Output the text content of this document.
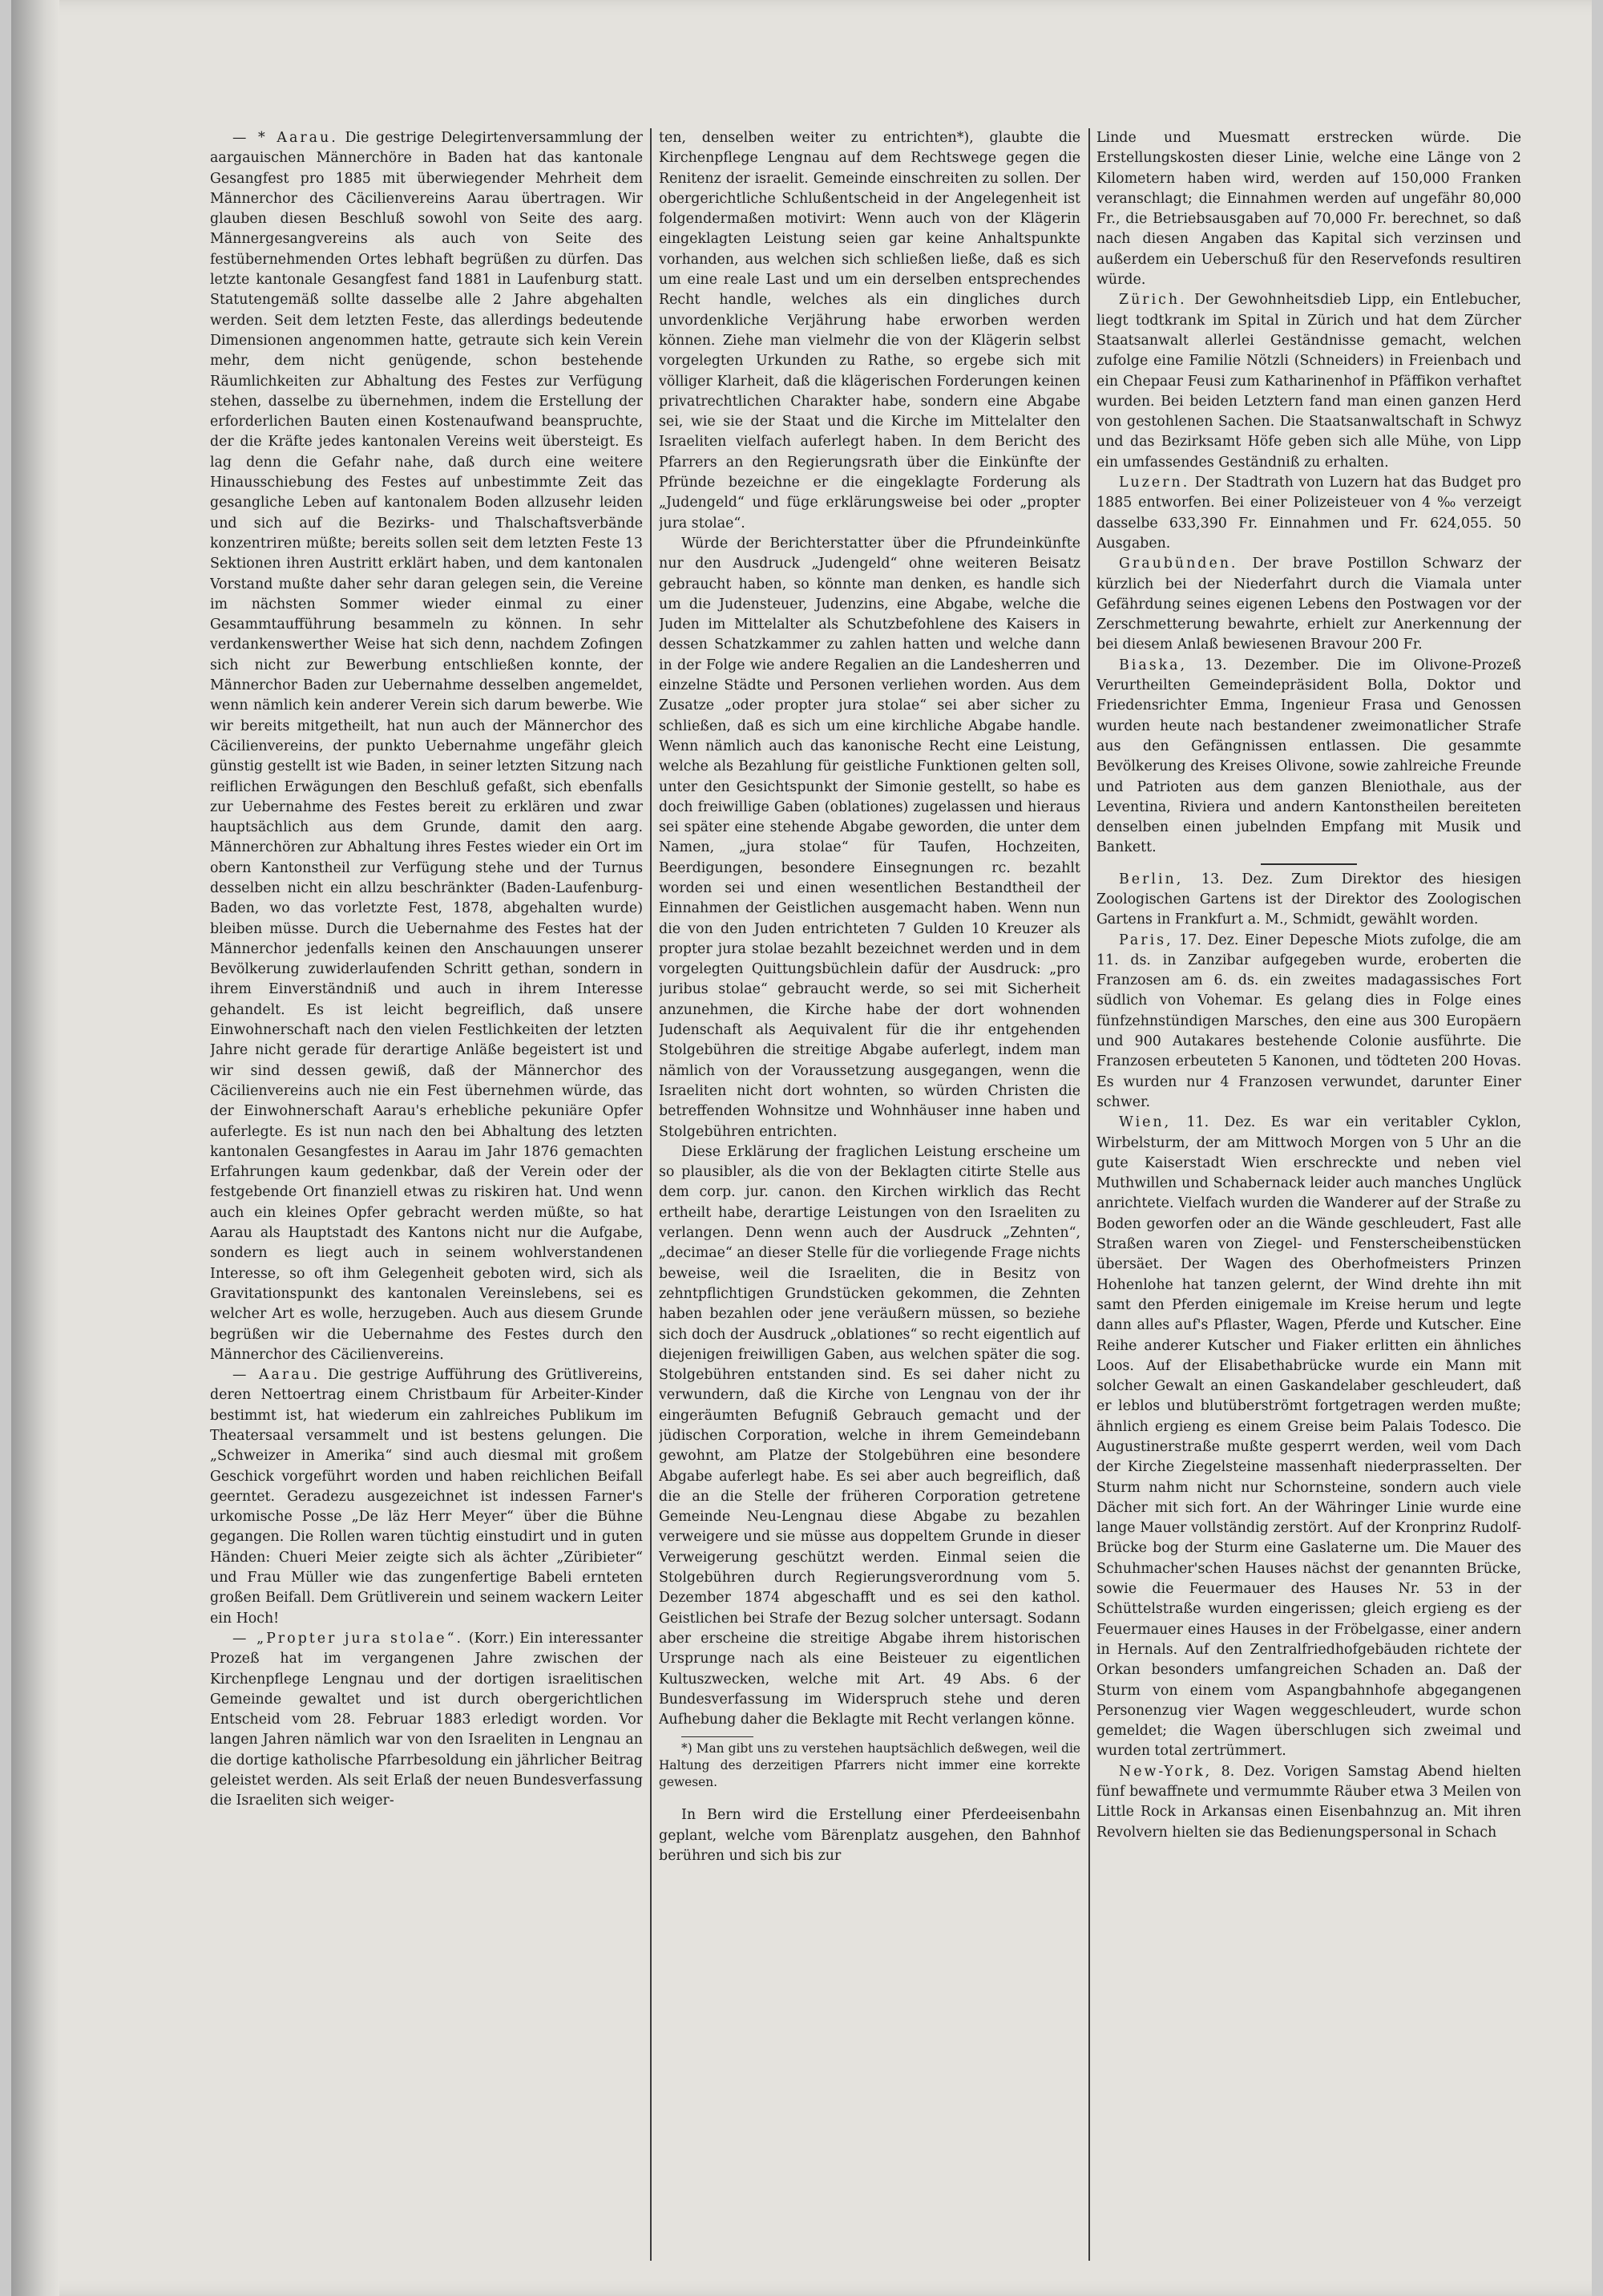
— * Aarau. Die gestrige Delegirtenversammlung der aargauischen Männerchöre in Baden hat das kantonale Gesangfest pro 1885 mit überwiegender Mehrheit dem Männerchor des Cäcilienvereins Aarau übertragen. Wir glauben diesen Beschluß sowohl von Seite des aarg. Männergesangvereins als auch von Seite des festübernehmenden Ortes lebhaft begrüßen zu dürfen. Das letzte kantonale Gesangfest fand 1881 in Laufenburg statt. Statutengemäß sollte dasselbe alle 2 Jahre abgehalten werden. Seit dem letzten Feste, das allerdings bedeutende Dimensionen angenommen hatte, getraute sich kein Verein mehr, dem nicht genügende, schon bestehende Räumlichkeiten zur Abhaltung des Festes zur Verfügung stehen, dasselbe zu übernehmen, indem die Erstellung der erforderlichen Bauten einen Kostenaufwand beanspruchte, der die Kräfte jedes kantonalen Vereins weit übersteigt. Es lag denn die Gefahr nahe, daß durch eine weitere Hinausschiebung des Festes auf unbestimmte Zeit das gesangliche Leben auf kantonalem Boden allzusehr leiden und sich auf die Bezirks- und Thalschaftsverbände konzentriren müßte; bereits sollen seit dem letzten Feste 13 Sektionen ihren Austritt erklärt haben, und dem kantonalen Vorstand mußte daher sehr daran gelegen sein, die Vereine im nächsten Sommer wieder einmal zu einer Gesammtaufführung besammeln zu können. In sehr verdankenswerther Weise hat sich denn, nachdem Zofingen sich nicht zur Bewerbung entschließen konnte, der Männerchor Baden zur Uebernahme desselben angemeldet, wenn nämlich kein anderer Verein sich darum bewerbe. Wie wir bereits mitgetheilt, hat nun auch der Männerchor des Cäcilienvereins, der punkto Uebernahme ungefähr gleich günstig gestellt ist wie Baden, in seiner letzten Sitzung nach reiflichen Erwägungen den Beschluß gefaßt, sich ebenfalls zur Uebernahme des Festes bereit zu erklären und zwar hauptsächlich aus dem Grunde, damit den aarg. Männerchören zur Abhaltung ihres Festes wieder ein Ort im obern Kantonstheil zur Verfügung stehe und der Turnus desselben nicht ein allzu beschränkter (Baden-Laufenburg-Baden, wo das vorletzte Fest, 1878, abgehalten wurde) bleiben müsse. Durch die Uebernahme des Festes hat der Männerchor jedenfalls keinen den Anschauungen unserer Bevölkerung zuwiderlaufenden Schritt gethan, sondern in ihrem Einverständniß und auch in ihrem Interesse gehandelt. Es ist leicht begreiflich, daß unsere Einwohnerschaft nach den vielen Festlichkeiten der letzten Jahre nicht gerade für derartige Anläße begeistert ist und wir sind dessen gewiß, daß der Männerchor des Cäcilienvereins auch nie ein Fest übernehmen würde, das der Einwohnerschaft Aarau's erhebliche pekuniäre Opfer auferlegte. Es ist nun nach den bei Abhaltung des letzten kantonalen Gesangfestes in Aarau im Jahr 1876 gemachten Erfahrungen kaum gedenkbar, daß der Verein oder der festgebende Ort finanziell etwas zu riskiren hat. Und wenn auch ein kleines Opfer gebracht werden müßte, so hat Aarau als Hauptstadt des Kantons nicht nur die Aufgabe, sondern es liegt auch in seinem wohlverstandenen Interesse, so oft ihm Gelegenheit geboten wird, sich als Gravitationspunkt des kantonalen Vereinslebens, sei es welcher Art es wolle, herzugeben. Auch aus diesem Grunde begrüßen wir die Uebernahme des Festes durch den Männerchor des Cäcilienvereins.

— Aarau. Die gestrige Aufführung des Grütlivereins, deren Nettoertrag einem Christbaum für Arbeiter-Kinder bestimmt ist, hat wiederum ein zahlreiches Publikum im Theatersaal versammelt und ist bestens gelungen. Die „Schweizer in Amerika“ sind auch diesmal mit großem Geschick vorgeführt worden und haben reichlichen Beifall geerntet. Geradezu ausgezeichnet ist indessen Farner's urkomische Posse „De läz Herr Meyer“ über die Bühne gegangen. Die Rollen waren tüchtig einstudirt und in guten Händen: Chueri Meier zeigte sich als ächter „Züribieter“ und Frau Müller wie das zungenfertige Babeli ernteten großen Beifall. Dem Grütliverein und seinem wackern Leiter ein Hoch!

— „Propter jura stolae“. (Korr.) Ein interessanter Prozeß hat im vergangenen Jahre zwischen der Kirchenpflege Lengnau und der dortigen israelitischen Gemeinde gewaltet und ist durch obergerichtlichen Entscheid vom 28. Februar 1883 erledigt worden. Vor langen Jahren nämlich war von den Israeliten in Lengnau an die dortige katholische Pfarrbesoldung ein jährlicher Beitrag geleistet werden. Als seit Erlaß der neuen Bundesverfassung die Israeliten sich weiger-

ten, denselben weiter zu entrichten*), glaubte die Kirchenpflege Lengnau auf dem Rechtswege gegen die Renitenz der israelit. Gemeinde einschreiten zu sollen. Der obergerichtliche Schlußentscheid in der Angelegenheit ist folgendermaßen motivirt: Wenn auch von der Klägerin eingeklagten Leistung seien gar keine Anhaltspunkte vorhanden, aus welchen sich schließen ließe, daß es sich um eine reale Last und um ein derselben entsprechendes Recht handle, welches als ein dingliches durch unvordenkliche Verjährung habe erworben werden können. Ziehe man vielmehr die von der Klägerin selbst vorgelegten Urkunden zu Rathe, so ergebe sich mit völliger Klarheit, daß die klägerischen Forderungen keinen privatrechtlichen Charakter habe, sondern eine Abgabe sei, wie sie der Staat und die Kirche im Mittelalter den Israeliten vielfach auferlegt haben. In dem Bericht des Pfarrers an den Regierungsrath über die Einkünfte der Pfründe bezeichne er die eingeklagte Forderung als „Judengeld“ und füge erklärungsweise bei oder „propter jura stolae“.

Würde der Berichterstatter über die Pfrundeinkünfte nur den Ausdruck „Judengeld“ ohne weiteren Beisatz gebraucht haben, so könnte man denken, es handle sich um die Judensteuer, Judenzins, eine Abgabe, welche die Juden im Mittelalter als Schutzbefohlene des Kaisers in dessen Schatzkammer zu zahlen hatten und welche dann in der Folge wie andere Regalien an die Landesherren und einzelne Städte und Personen verliehen worden. Aus dem Zusatze „oder propter jura stolae“ sei aber sicher zu schließen, daß es sich um eine kirchliche Abgabe handle. Wenn nämlich auch das kanonische Recht eine Leistung, welche als Bezahlung für geistliche Funktionen gelten soll, unter den Gesichtspunkt der Simonie gestellt, so habe es doch freiwillige Gaben (oblationes) zugelassen und hieraus sei später eine stehende Abgabe geworden, die unter dem Namen, „jura stolae“ für Taufen, Hochzeiten, Beerdigungen, besondere Einsegnungen rc. bezahlt worden sei und einen wesentlichen Bestandtheil der Einnahmen der Geistlichen ausgemacht haben. Wenn nun die von den Juden entrichteten 7 Gulden 10 Kreuzer als propter jura stolae bezahlt bezeichnet werden und in dem vorgelegten Quittungsbüchlein dafür der Ausdruck: „pro juribus stolae“ gebraucht werde, so sei mit Sicherheit anzunehmen, die Kirche habe der dort wohnenden Judenschaft als Aequivalent für die ihr entgehenden Stolgebühren die streitige Abgabe auferlegt, indem man nämlich von der Voraussetzung ausgegangen, wenn die Israeliten nicht dort wohnten, so würden Christen die betreffenden Wohnsitze und Wohnhäuser inne haben und Stolgebühren entrichten.

Diese Erklärung der fraglichen Leistung erscheine um so plausibler, als die von der Beklagten citirte Stelle aus dem corp. jur. canon. den Kirchen wirklich das Recht ertheilt habe, derartige Leistungen von den Israeliten zu verlangen. Denn wenn auch der Ausdruck „Zehnten“, „decimae“ an dieser Stelle für die vorliegende Frage nichts beweise, weil die Israeliten, die in Besitz von zehntpflichtigen Grundstücken gekommen, die Zehnten haben bezahlen oder jene veräußern müssen, so beziehe sich doch der Ausdruck „oblationes“ so recht eigentlich auf diejenigen freiwilligen Gaben, aus welchen später die sog. Stolgebühren entstanden sind. Es sei daher nicht zu verwundern, daß die Kirche von Lengnau von der ihr eingeräumten Befugniß Gebrauch gemacht und der jüdischen Corporation, welche in ihrem Gemeindebann gewohnt, am Platze der Stolgebühren eine besondere Abgabe auferlegt habe. Es sei aber auch begreiflich, daß die an die Stelle der früheren Corporation getretene Gemeinde Neu-Lengnau diese Abgabe zu bezahlen verweigere und sie müsse aus doppeltem Grunde in dieser Verweigerung geschützt werden. Einmal seien die Stolgebühren durch Regierungsverordnung vom 5. Dezember 1874 abgeschafft und es sei den kathol. Geistlichen bei Strafe der Bezug solcher untersagt. Sodann aber erscheine die streitige Abgabe ihrem historischen Ursprunge nach als eine Beisteuer zu eigentlichen Kultuszwecken, welche mit Art. 49 Abs. 6 der Bundesverfassung im Widerspruch stehe und deren Aufhebung daher die Beklagte mit Recht verlangen könne.

*) Man gibt uns zu verstehen hauptsächlich deßwegen, weil die Haltung des derzeitigen Pfarrers nicht immer eine korrekte gewesen.

In Bern wird die Erstellung einer Pferdeeisenbahn geplant, welche vom Bärenplatz ausgehen, den Bahnhof berühren und sich bis zur

Linde und Muesmatt erstrecken würde. Die Erstellungskosten dieser Linie, welche eine Länge von 2 Kilometern haben wird, werden auf 150,000 Franken veranschlagt; die Einnahmen werden auf ungefähr 80,000 Fr., die Betriebsausgaben auf 70,000 Fr. berechnet, so daß nach diesen Angaben das Kapital sich verzinsen und außerdem ein Ueberschuß für den Reservefonds resultiren würde.

Zürich. Der Gewohnheitsdieb Lipp, ein Entlebucher, liegt todtkrank im Spital in Zürich und hat dem Zürcher Staatsanwalt allerlei Geständnisse gemacht, welchen zufolge eine Familie Nötzli (Schneiders) in Freienbach und ein Chepaar Feusi zum Katharinenhof in Pfäffikon verhaftet wurden. Bei beiden Letztern fand man einen ganzen Herd von gestohlenen Sachen. Die Staatsanwaltschaft in Schwyz und das Bezirksamt Höfe geben sich alle Mühe, von Lipp ein umfassendes Geständniß zu erhalten.

Luzern. Der Stadtrath von Luzern hat das Budget pro 1885 entworfen. Bei einer Polizeisteuer von 4 ‰ verzeigt dasselbe 633,390 Fr. Einnahmen und Fr. 624,055. 50 Ausgaben.

Graubünden. Der brave Postillon Schwarz der kürzlich bei der Niederfahrt durch die Viamala unter Gefährdung seines eigenen Lebens den Postwagen vor der Zerschmetterung bewahrte, erhielt zur Anerkennung der bei diesem Anlaß bewiesenen Bravour 200 Fr.

Biaska, 13. Dezember. Die im Olivone-Prozeß Verurtheilten Gemeindepräsident Bolla, Doktor und Friedensrichter Emma, Ingenieur Frasa und Genossen wurden heute nach bestandener zweimonatlicher Strafe aus den Gefängnissen entlassen. Die gesammte Bevölkerung des Kreises Olivone, sowie zahlreiche Freunde und Patrioten aus dem ganzen Bleniothale, aus der Leventina, Riviera und andern Kantonstheilen bereiteten denselben einen jubelnden Empfang mit Musik und Bankett.

Berlin, 13. Dez. Zum Direktor des hiesigen Zoologischen Gartens ist der Direktor des Zoologischen Gartens in Frankfurt a. M., Schmidt, gewählt worden.

Paris, 17. Dez. Einer Depesche Miots zufolge, die am 11. ds. in Zanzibar aufgegeben wurde, eroberten die Franzosen am 6. ds. ein zweites madagassisches Fort südlich von Vohemar. Es gelang dies in Folge eines fünfzehnstündigen Marsches, den eine aus 300 Europäern und 900 Autakares bestehende Colonie ausführte. Die Franzosen erbeuteten 5 Kanonen, und tödteten 200 Hovas. Es wurden nur 4 Franzosen verwundet, darunter Einer schwer.

Wien, 11. Dez. Es war ein veritabler Cyklon, Wirbelsturm, der am Mittwoch Morgen von 5 Uhr an die gute Kaiserstadt Wien erschreckte und neben viel Muthwillen und Schabernack leider auch manches Unglück anrichtete. Vielfach wurden die Wanderer auf der Straße zu Boden geworfen oder an die Wände geschleudert, Fast alle Straßen waren von Ziegel- und Fensterscheibenstücken übersäet. Der Wagen des Oberhofmeisters Prinzen Hohenlohe hat tanzen gelernt, der Wind drehte ihn mit samt den Pferden einigemale im Kreise herum und legte dann alles auf's Pflaster, Wagen, Pferde und Kutscher. Eine Reihe anderer Kutscher und Fiaker erlitten ein ähnliches Loos. Auf der Elisabethabrücke wurde ein Mann mit solcher Gewalt an einen Gaskandelaber geschleudert, daß er leblos und blutüberströmt fortgetragen werden mußte; ähnlich ergieng es einem Greise beim Palais Todesco. Die Augustinerstraße mußte gesperrt werden, weil vom Dach der Kirche Ziegelsteine massenhaft niederprasselten. Der Sturm nahm nicht nur Schornsteine, sondern auch viele Dächer mit sich fort. An der Währinger Linie wurde eine lange Mauer vollständig zerstört. Auf der Kronprinz Rudolf-Brücke bog der Sturm eine Gaslaterne um. Die Mauer des Schuhmacher'schen Hauses nächst der genannten Brücke, sowie die Feuermauer des Hauses Nr. 53 in der Schüttelstraße wurden eingerissen; gleich ergieng es der Feuermauer eines Hauses in der Fröbelgasse, einer andern in Hernals. Auf den Zentralfriedhofgebäuden richtete der Orkan besonders umfangreichen Schaden an. Daß der Sturm von einem vom Aspangbahnhofe abgegangenen Personenzug vier Wagen weggeschleudert, wurde schon gemeldet; die Wagen überschlugen sich zweimal und wurden total zertrümmert.

New-York, 8. Dez. Vorigen Samstag Abend hielten fünf bewaffnete und vermummte Räuber etwa 3 Meilen von Little Rock in Arkansas einen Eisenbahnzug an. Mit ihren Revolvern hielten sie das Bedienungspersonal in Schach
